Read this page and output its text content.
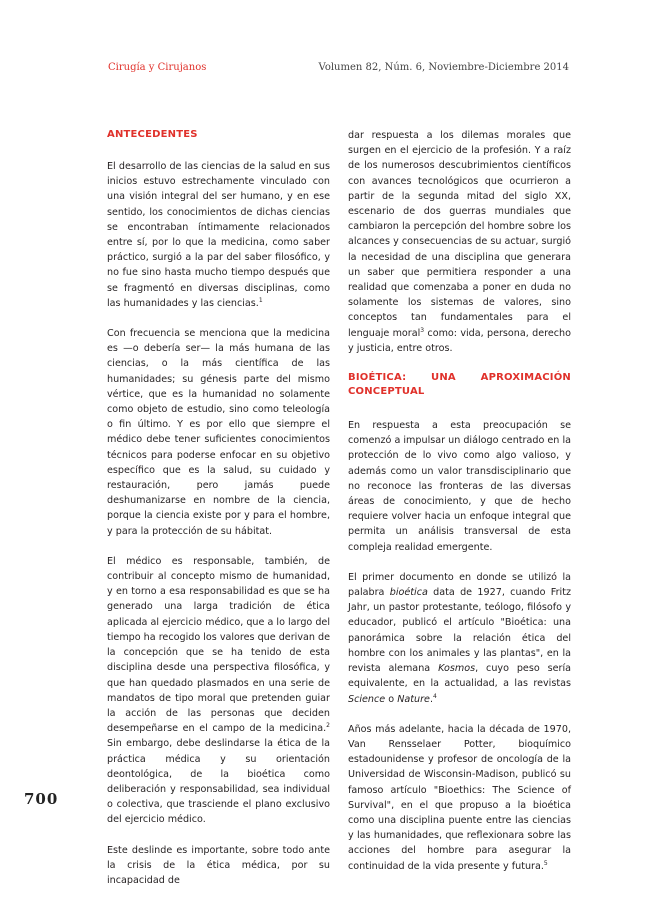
Cirugía y Cirujanos	Volumen 82, Núm. 6, Noviembre-Diciembre 2014
ANTECEDENTES

El desarrollo de las ciencias de la salud en sus inicios estuvo estrechamente vinculado con una visión integral del ser humano, y en ese sentido, los conocimientos de dichas ciencias se encontraban íntimamente relacionados entre sí, por lo que la medicina, como saber práctico, surgió a la par del saber filosófico, y no fue sino hasta mucho tiempo después que se fragmentó en diversas disciplinas, como las humanidades y las ciencias.$^1$

Con frecuencia se menciona que la medicina es —o debería ser— la más humana de las ciencias, o la más científica de las humanidades; su génesis parte del mismo vértice, que es la humanidad no solamente como objeto de estudio, sino como teleología o fin último. Y es por ello que siempre el médico debe tener suficientes conocimientos técnicos para poderse enfocar en su objetivo específico que es la salud, su cuidado y restauración, pero jamás puede deshumanizarse en nombre de la ciencia, porque la ciencia existe por y para el hombre, y para la protección de su hábitat.

El médico es responsable, también, de contribuir al concepto mismo de humanidad, y en torno a esa responsabilidad es que se ha generado una larga tradición de ética aplicada al ejercicio médico, que a lo largo del tiempo ha recogido los valores que derivan de la concepción que se ha tenido de esta disciplina desde una perspectiva filosófica, y que han quedado plasmados en una serie de mandatos de tipo moral que pretenden guiar la acción de las personas que deciden desempeñarse en el campo de la medicina.$^2$ Sin embargo, debe deslindarse la ética de la práctica médica y su orientación deontológica, de la bioética como deliberación y responsabilidad, sea individual o colectiva, que trasciende el plano exclusivo del ejercicio médico.

Este deslinde es importante, sobre todo ante la crisis de la ética médica, por su incapacidad de

dar respuesta a los dilemas morales que surgen en el ejercicio de la profesión. Y a raíz de los numerosos descubrimientos científicos con avances tecnológicos que ocurrieron a partir de la segunda mitad del siglo XX, escenario de dos guerras mundiales que cambiaron la percepción del hombre sobre los alcances y consecuencias de su actuar, surgió la necesidad de una disciplina que generara un saber que permitiera responder a una realidad que comenzaba a poner en duda no solamente los sistemas de valores, sino conceptos tan fundamentales para el lenguaje moral$^3$ como: vida, persona, derecho y justicia, entre otros.

BIOÉTICA: UNA APROXIMACIÓN CONCEPTUAL

En respuesta a esta preocupación se comenzó a impulsar un diálogo centrado en la protección de lo vivo como algo valioso, y además como un valor transdisciplinario que no reconoce las fronteras de las diversas áreas de conocimiento, y que de hecho requiere volver hacia un enfoque integral que permita un análisis transversal de esta compleja realidad emergente.

El primer documento en donde se utilizó la palabra bioética data de 1927, cuando Fritz Jahr, un pastor protestante, teólogo, filósofo y educador, publicó el artículo "Bioética: una panorámica sobre la relación ética del hombre con los animales y las plantas", en la revista alemana Kosmos, cuyo peso sería equivalente, en la actualidad, a las revistas Science o Nature.$^4$

Años más adelante, hacia la década de 1970, Van Rensselaer Potter, bioquímico estadounidense y profesor de oncología de la Universidad de Wisconsin-Madison, publicó su famoso artículo "Bioethics: The Science of Survival", en el que propuso a la bioética como una disciplina puente entre las ciencias y las humanidades, que reflexionara sobre las acciones del hombre para asegurar la continuidad de la vida presente y futura.$^5$

700
